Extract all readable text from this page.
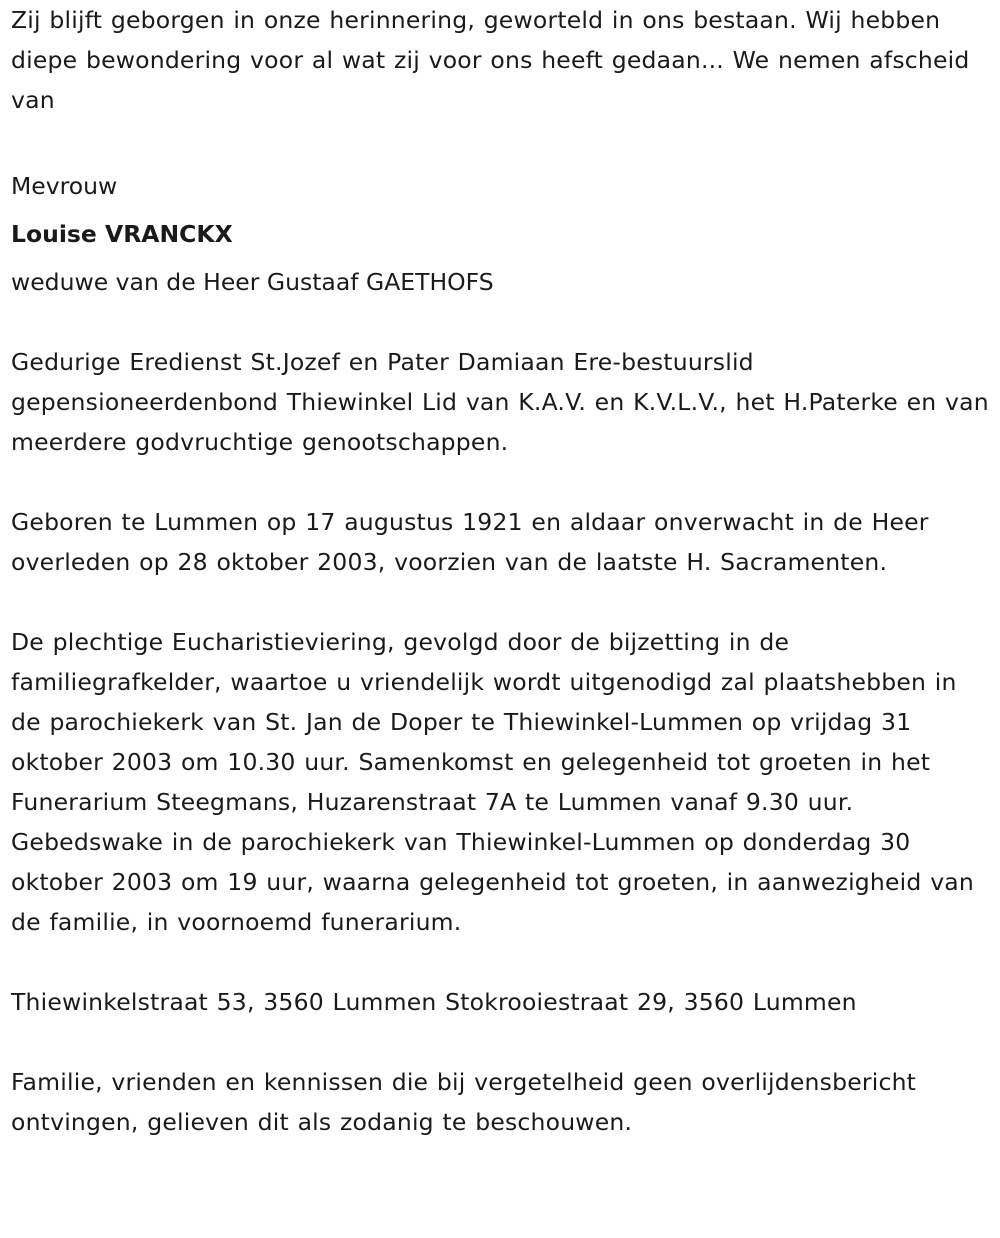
Zij blijft geborgen in onze herinnering, geworteld in ons bestaan. Wij hebben diepe bewondering voor al wat zij voor ons heeft gedaan... We nemen afscheid van

Mevrouw

Louise VRANCKX

weduwe van de Heer Gustaaf GAETHOFS

Gedurige Eredienst St.Jozef en Pater Damiaan Ere-bestuurslid gepensioneerdenbond Thiewinkel Lid van K.A.V. en K.V.L.V., het H.Paterke en van meerdere godvruchtige genootschappen.

Geboren te Lummen op 17 augustus 1921 en aldaar onverwacht in de Heer overleden op 28 oktober 2003, voorzien van de laatste H. Sacramenten.

De plechtige Eucharistieviering, gevolgd door de bijzetting in de familiegrafkelder, waartoe u vriendelijk wordt uitgenodigd zal plaatshebben in de parochiekerk van St. Jan de Doper te Thiewinkel-Lummen op vrijdag 31 oktober 2003 om 10.30 uur. Samenkomst en gelegenheid tot groeten in het Funerarium Steegmans, Huzarenstraat 7A te Lummen vanaf 9.30 uur. Gebedswake in de parochiekerk van Thiewinkel-Lummen op donderdag 30 oktober 2003 om 19 uur, waarna gelegenheid tot groeten, in aanwezigheid van de familie, in voornoemd funerarium.

Thiewinkelstraat 53, 3560 Lummen Stokrooiestraat 29, 3560 Lummen

Familie, vrienden en kennissen die bij vergetelheid geen overlijdensbericht ontvingen, gelieven dit als zodanig te beschouwen.
